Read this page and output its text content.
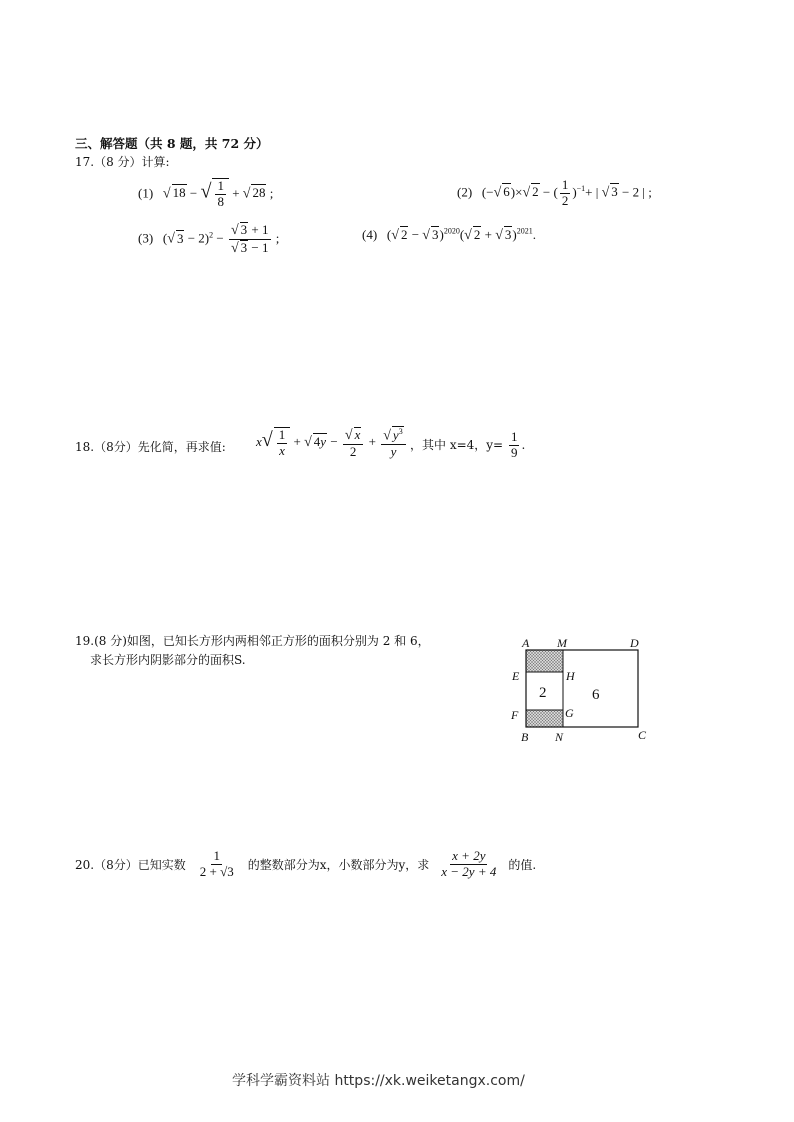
三、解答题（共 8 题，共 72 分）
17.（8 分）计算:
(1) √ 18 − √ $\frac{1}{8}$ + √ 28 ;	(2)   (−√ 6)×√ 2 − ( $\frac{1}{2} )^{-1}+$ | √ 3 − 2 | ;
(3)   (√ $3 - 2)^2 - \frac{√ 3 + 1}{√ 3 - 1}$ ;	(4)   (√ 2 − √ 3)$^{2020}$(√ 2 + √ 3)$^{2021}$.
18.（8分）先化简，再求值: $x√ \frac{1}{x}$ + √ $4y - \frac{√ x}{2} + \frac{√ y^3}{y}$ ，其中 x=4，$y= \frac{1}{9}$ .
19.(8 分)如图，已知长方形内两相邻正方形的面积分别为 2 和 6，
求长方形内阴影部分的面积S.
A M	D
E	H
F	G
B N	C
2	6
20.（8分）已知实数 $\frac{1}{2 + √3}$ 的整数部分为x，小数部分为y，求 $\frac{x + 2y}{x - 2y + 4}$ 的值.
学科学霸资料站 https://xk.weiketangx.com/
